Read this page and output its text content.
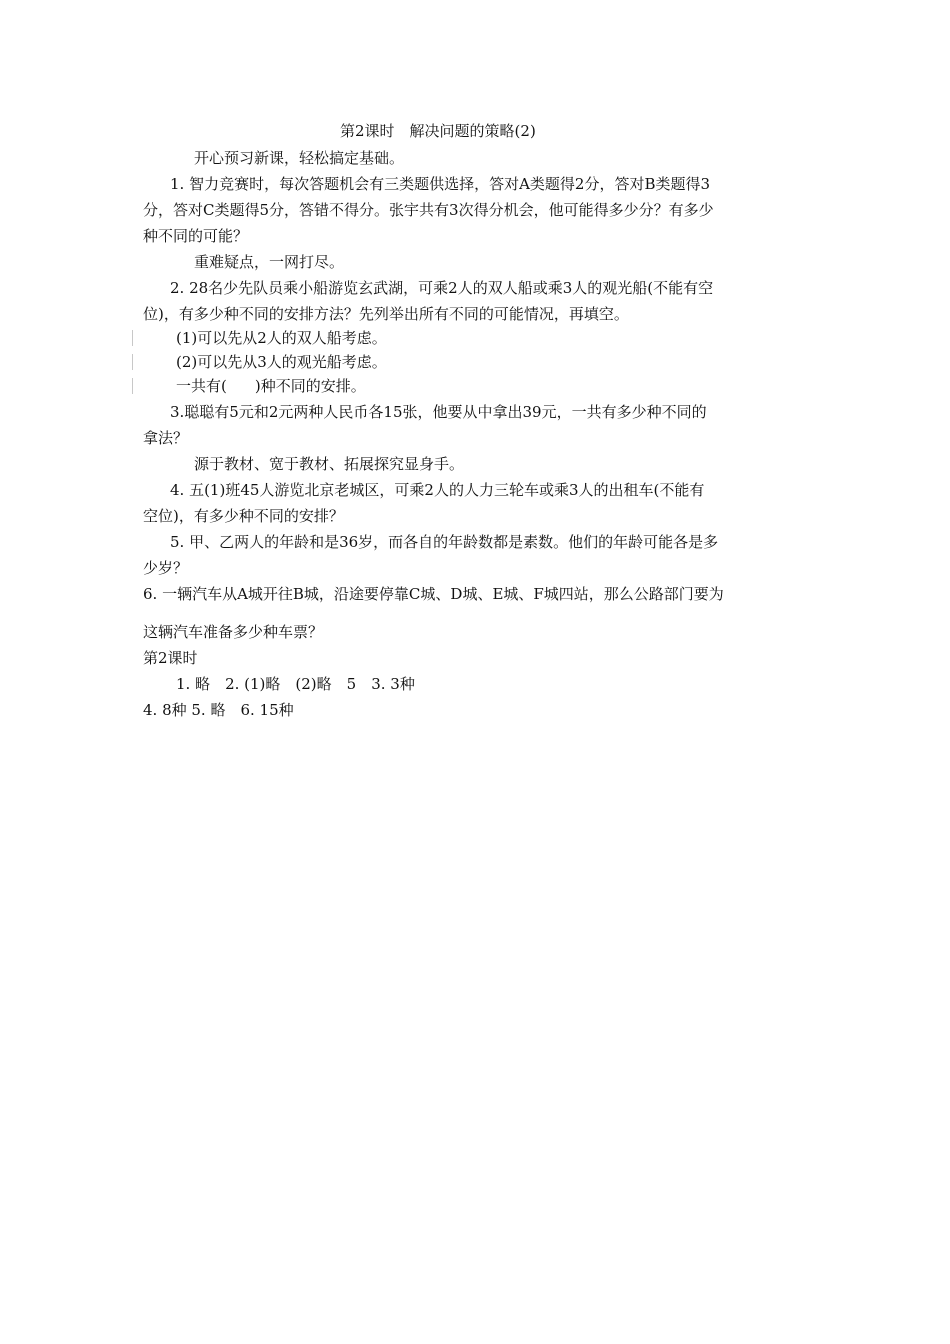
第2课时　解决问题的策略(2)
开心预习新课，轻松搞定基础。
1. 智力竞赛时，每次答题机会有三类题供选择，答对A类题得2分，答对B类题得3
分，答对C类题得5分，答错不得分。张宇共有3次得分机会，他可能得多少分？有多少
种不同的可能？
重难疑点，一网打尽。
2. 28名少先队员乘小船游览玄武湖，可乘2人的双人船或乘3人的观光船(不能有空
位)，有多少种不同的安排方法？先列举出所有不同的可能情况，再填空。
(1)可以先从2人的双人船考虑。
(2)可以先从3人的观光船考虑。
一共有( )种不同的安排。
3.聪聪有5元和2元两种人民币各15张，他要从中拿出39元，一共有多少种不同的
拿法？
源于教材、宽于教材、拓展探究显身手。
4. 五(1)班45人游览北京老城区，可乘2人的人力三轮车或乘3人的出租车(不能有
空位)，有多少种不同的安排？
5. 甲、乙两人的年龄和是36岁，而各自的年龄数都是素数。他们的年龄可能各是多
少岁？
6. 一辆汽车从A城开往B城，沿途要停靠C城、D城、E城、F城四站，那么公路部门要为
这辆汽车准备多少种车票？
第2课时
1. 略　2. (1)略　(2)略　5　3. 3种
4. 8种 5. 略　6. 15种
